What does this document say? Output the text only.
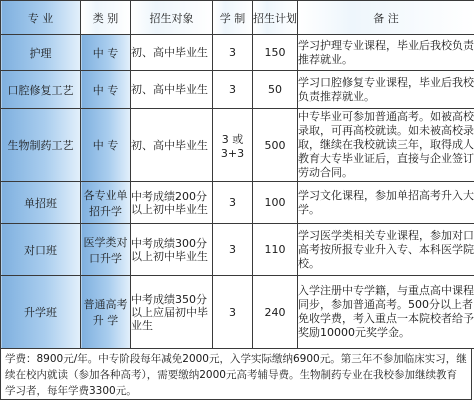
专 业	类 别	招生对象	学 制	招生计划	备 注
护理	中 专	初、高中毕业生	3	150	学习护理专业课程，毕业后我校负责推荐就业。
口腔修复工艺	中 专	初、高中毕业生	3	50	学习口腔修复专业课程，毕业后我校负责推荐就业。
生物制药工艺	中 专	初、高中毕业生	3 或 3+3	500	中专毕业可参加普通高考。如被高校录取，可再高校就读。如未被高校录取，继续在我校就读三年，取得成人教育大专毕业证后，直接与企业签订劳动合同。
单招班	各专业单招升学	中考成绩200分以上初中毕业生	3	100	学习文化课程，参加单招高考升入大学。
对口班	医学类对口升学	中考成绩300分以上初中毕业生	3	110	学习医学类相关专业课程，参加对口高考按所报专业升入专、本科医学院校。
升学班	普通高考升 学	中考成绩350分以上应届初中毕业生	3	240	入学注册中专学籍，与重点高中课程同步，参加普通高考。500分以上者免收学费，考入重点一本院校者给予奖励10000元奖学金。
学费：8900元/年。中专阶段每年减免2000元，入学实际缴纳6900元。第三年不参加临床实习，继续在校内就读（参加各种高考），需要缴纳2000元高考辅导费。生物制药专业在我校参加继续教育学习者，每年学费3300元。
